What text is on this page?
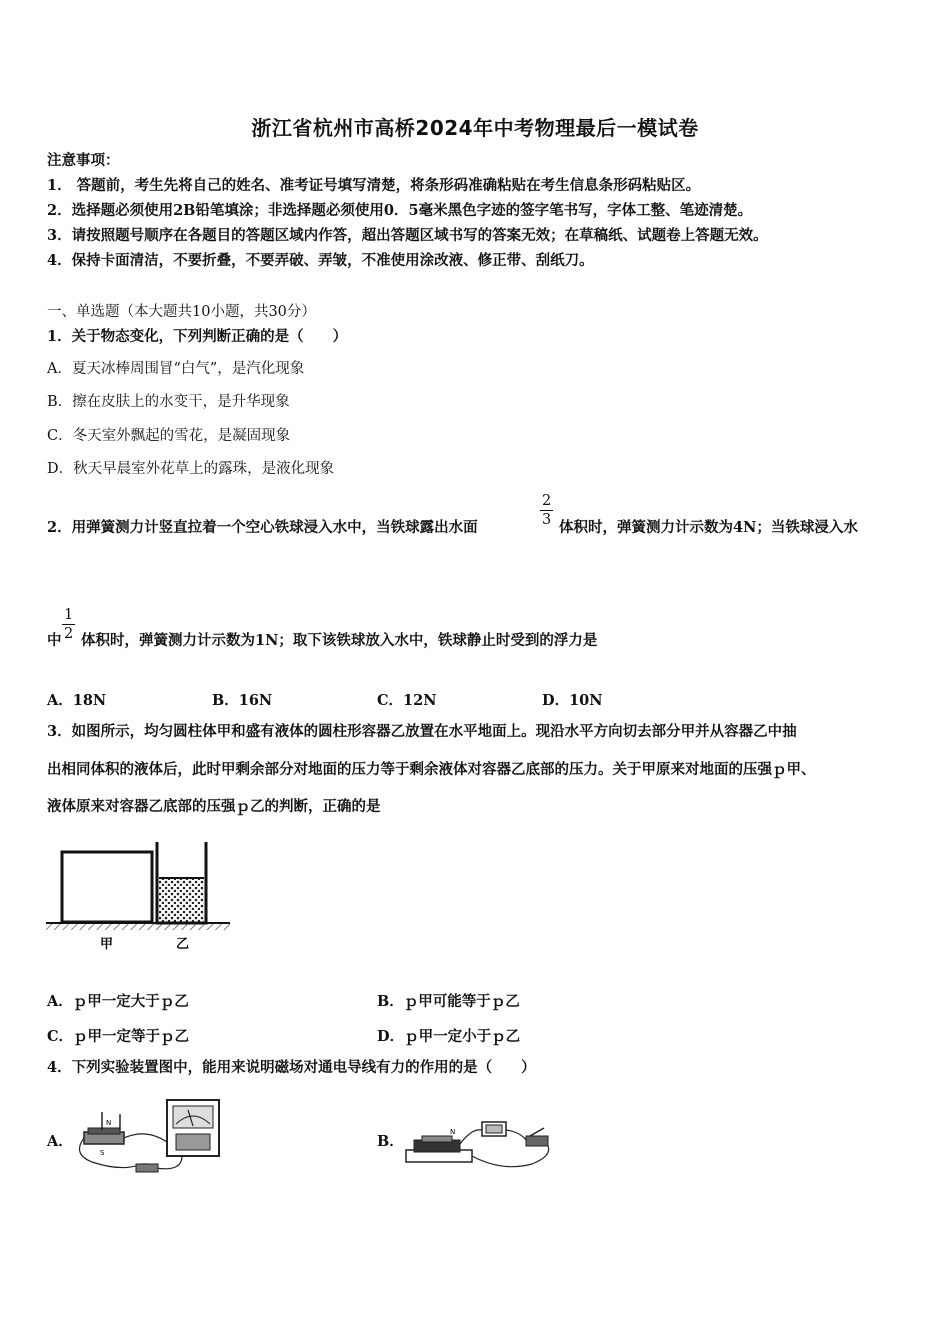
浙江省杭州市高桥2024年中考物理最后一模试卷
注意事项：
1． 答题前，考生先将自己的姓名、准考证号填写清楚，将条形码准确粘贴在考生信息条形码粘贴区。
2．选择题必须使用2B铅笔填涂；非选择题必须使用0．5毫米黑色字迹的签字笔书写，字体工整、笔迹清楚。
3．请按照题号顺序在各题目的答题区域内作答，超出答题区域书写的答案无效；在草稿纸、试题卷上答题无效。
4．保持卡面清洁，不要折叠，不要弄破、弄皱，不准使用涂改液、修正带、刮纸刀。
一、单选题（本大题共10小题，共30分）
1．关于物态变化，下列判断正确的是（　　）
A．夏天冰棒周围冒“白气”，是汽化现象
B．擦在皮肤上的水变干，是升华现象
C．冬天室外飘起的雪花，是凝固现象
D．秋天早晨室外花草上的露珠，是液化现象
2．用弹簧测力计竖直拉着一个空心铁球浸入水中，当铁球露出水面	$\frac{2}{3}$ 体积时，弹簧测力计示数为4N；当铁球浸入水
中 $\frac{1}{2}$ 体积时，弹簧测力计示数为1N；取下该铁球放入水中，铁球静止时受到的浮力是
A．18N	B．16N	C．12N	D．10N
3．如图所示，均匀圆柱体甲和盛有液体的圆柱形容器乙放置在水平地面上。现沿水平方向切去部分甲并从容器乙中抽
出相同体积的液体后，此时甲剩余部分对地面的压力等于剩余液体对容器乙底部的压力。关于甲原来对地面的压强ｐ甲、
液体原来对容器乙底部的压强ｐ乙的判断，正确的是
甲	乙
A．ｐ甲一定大于ｐ乙	B．ｐ甲可能等于ｐ乙
C．ｐ甲一定等于ｐ乙	D．ｐ甲一定小于ｐ乙
4．下列实验装置图中，能用来说明磁场对通电导线有力的作用的是（　　）
A．
N
S
B．
N
